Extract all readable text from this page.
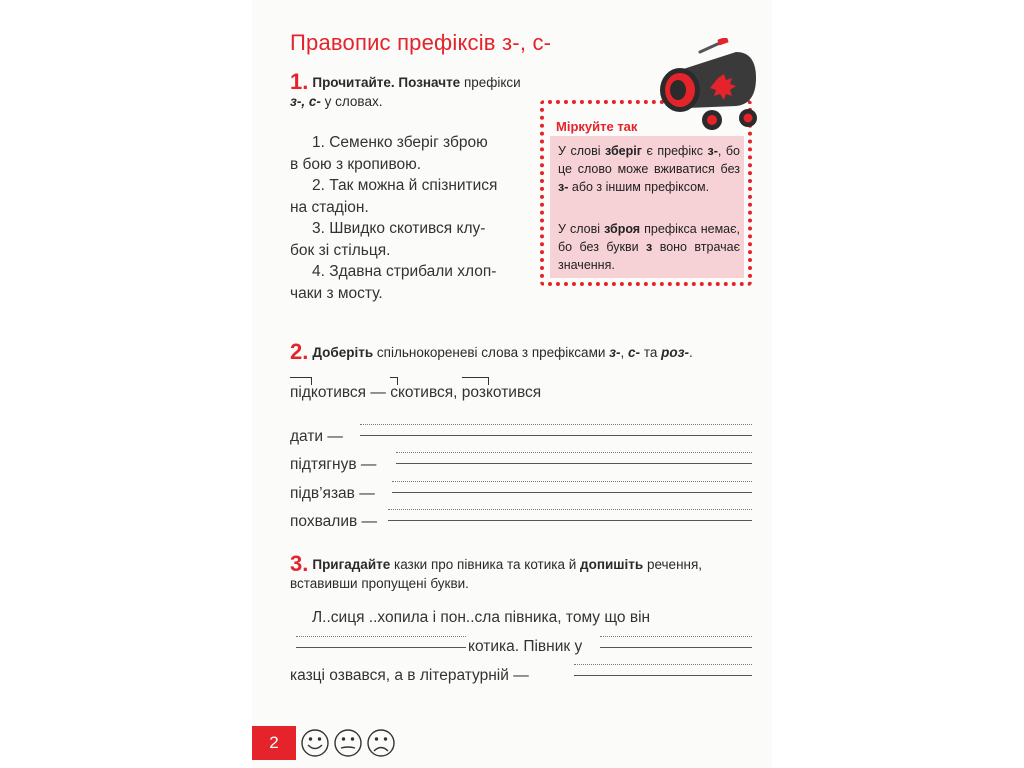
Правопис префіксів з-, с-
1. Прочитайте. Позначте префікси
з-, с- у словах.
1. Семенко зберіг зброю
в бою з кропивою.
2. Так можна й спізнитися
на стадіон.
3. Швидко скотився клу-
бок зі стільця.
4. Здавна стрибали хлоп-
чаки з мосту.
Міркуйте так
У слові зберіг є префікс з-, бо це слово може вживатися без з- або з іншим префіксом.
У слові зброя префікса немає, бо без букви з воно втрачає значення.
2. Доберіть спільнокореневі слова з префіксами з-, с- та роз-.
підкотився —
скотився,
розкотився
дати —
підтягнув —
підв’язав —
похвалив —
3. Пригадайте казки про півника та котика й допишіть речення,
вставивши пропущені букви.
Л..сиця ..хопила і пон..сла півника, тому що він
котика. Півник у
казці озвався, а в літературній —
2
